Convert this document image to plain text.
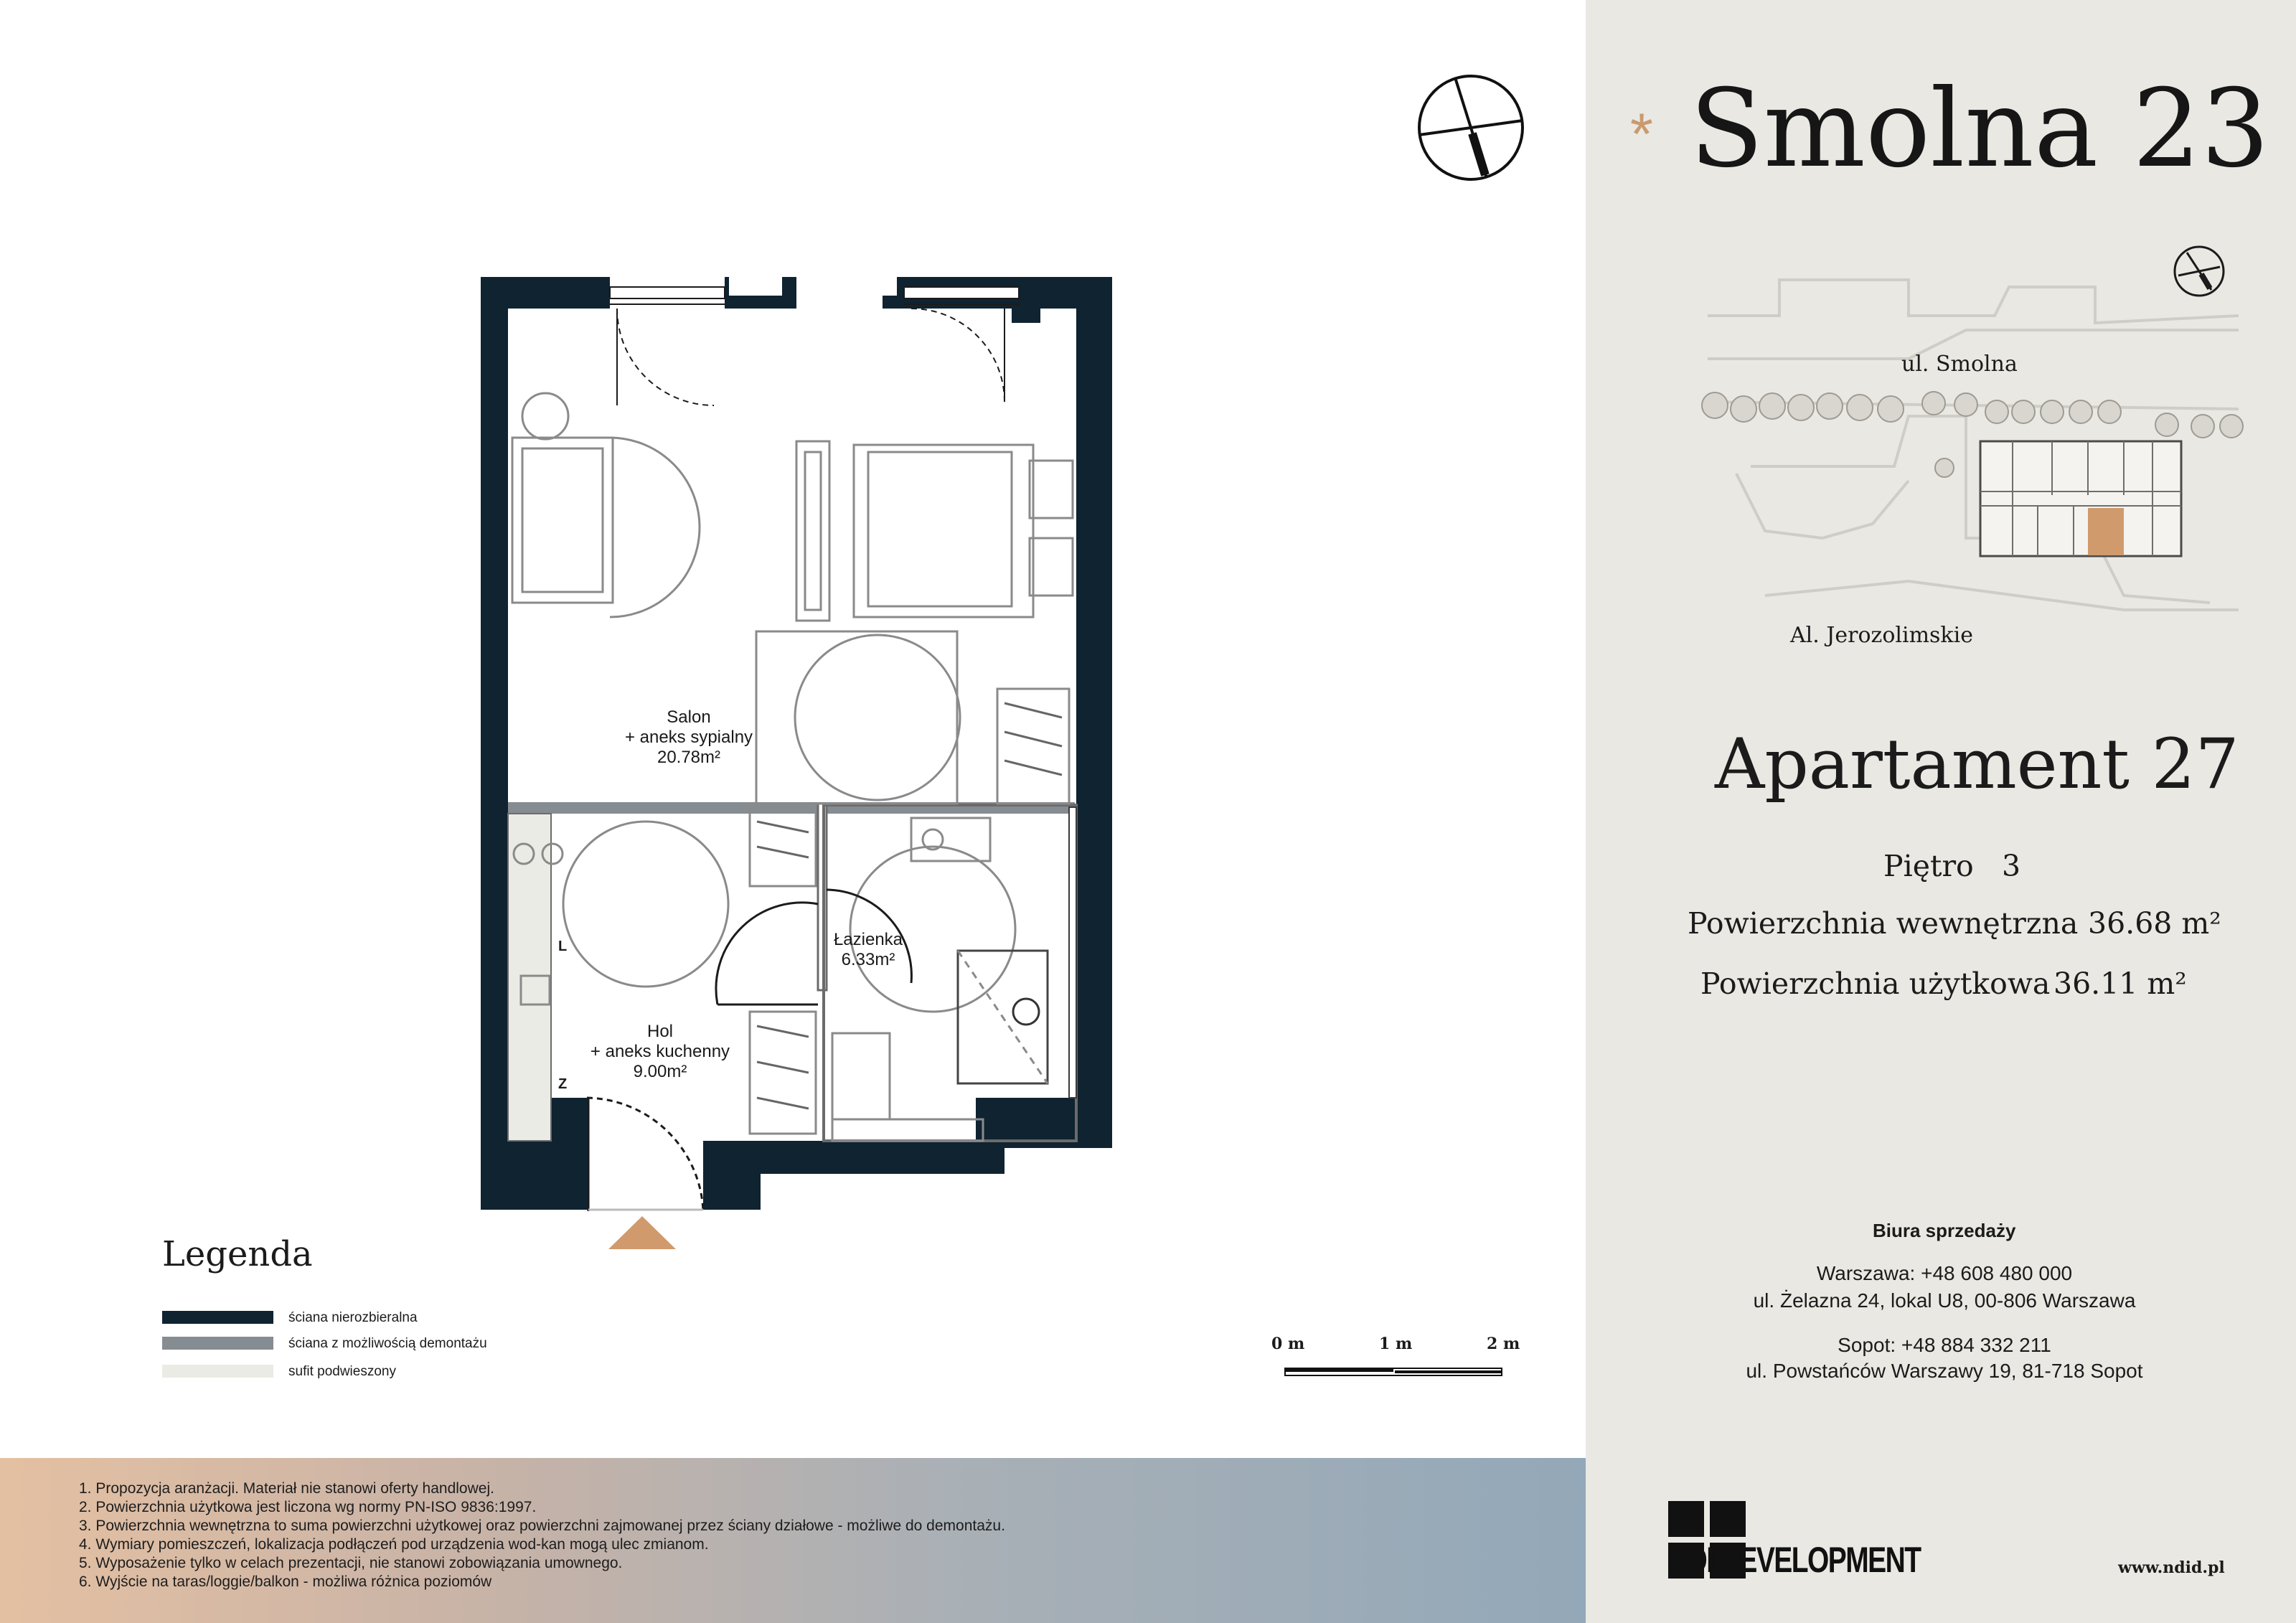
* Smolna 23
ul. Smolna
Al. Jerozolimskie
Apartament 27
Piętro 3
Powierzchnia wewnętrzna 36.68 m²
Powierzchnia użytkowa 36.11 m²
Biura sprzedaży
Warszawa: +48 608 480 000
ul. Żelazna 24, lokal U8, 00-806 Warszawa
Sopot: +48 884 332 211
ul. Powstańców Warszawy 19, 81-718 Sopot
NDI DEVELOPMENT	www.ndid.pl
1. Propozycja aranżacji. Materiał nie stanowi oferty handlowej.
2. Powierzchnia użytkowa jest liczona wg normy PN-ISO 9836:1997.
3. Powierzchnia wewnętrzna to suma powierzchni użytkowej oraz powierzchni zajmowanej przez ściany działowe - możliwe do demontażu.
4. Wymiary pomieszczeń, lokalizacja podłączeń pod urządzenia wod-kan mogą ulec zmianom.
5. Wyposażenie tylko w celach prezentacji, nie stanowi zobowiązania umownego.
6. Wyjście na taras/loggie/balkon - możliwa różnica poziomów
Salon
+ aneks sypialny
20.78m²
Łazienka
6.33m²
Hol
+ aneks kuchenny
9.00m²
L
Z
Legenda
ściana nierozbieralna
ściana z możliwością demontażu
sufit podwieszony
0 m	1 m	2 m
